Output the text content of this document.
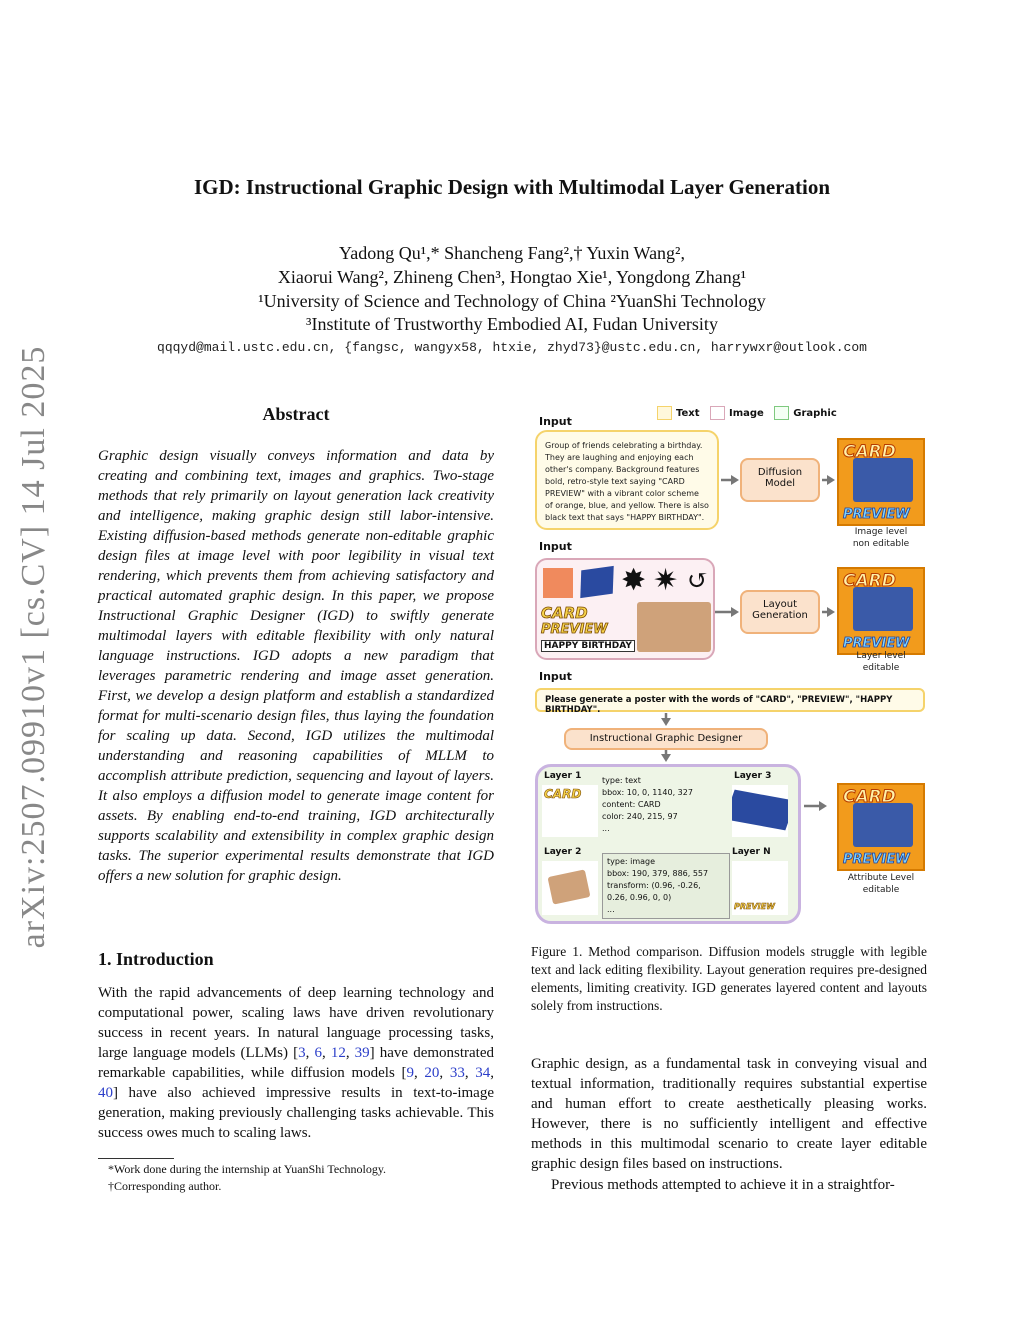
arXiv:2507.09910v1 [cs.CV] 14 Jul 2025
IGD: Instructional Graphic Design with Multimodal Layer Generation
Yadong Qu¹,* Shancheng Fang²,† Yuxin Wang²,
Xiaorui Wang², Zhineng Chen³, Hongtao Xie¹, Yongdong Zhang¹
¹University of Science and Technology of China ²YuanShi Technology
³Institute of Trustworthy Embodied AI, Fudan University
qqqyd@mail.ustc.edu.cn, {fangsc, wangyx58, htxie, zhyd73}@ustc.edu.cn, harrywxr@outlook.com
Abstract
Graphic design visually conveys information and data by creating and combining text, images and graphics. Two-stage methods that rely primarily on layout generation lack creativity and intelligence, making graphic design still labor-intensive. Existing diffusion-based methods generate non-editable graphic design files at image level with poor legibility in visual text rendering, which prevents them from achieving satisfactory and practical automated graphic design. In this paper, we propose Instructional Graphic Designer (IGD) to swiftly generate multimodal layers with editable flexibility with only natural language instructions. IGD adopts a new paradigm that leverages parametric rendering and image asset generation. First, we develop a design platform and establish a standardized format for multi-scenario design files, thus laying the foundation for scaling up data. Second, IGD utilizes the multimodal understanding and reasoning capabilities of MLLM to accomplish attribute prediction, sequencing and layout of layers. It also employs a diffusion model to generate image content for assets. By enabling end-to-end training, IGD architecturally supports scalability and extensibility in complex graphic design tasks. The superior experimental results demonstrate that IGD offers a new solution for graphic design.
1. Introduction
With the rapid advancements of deep learning technology and computational power, scaling laws have driven revolutionary success in recent years. In natural language processing tasks, large language models (LLMs) [3, 6, 12, 39] have demonstrated remarkable capabilities, while diffusion models [9, 20, 33, 34, 40] have also achieved impressive results in text-to-image generation, making previously challenging tasks achievable. This success owes much to scaling laws.
*Work done during the internship at YuanShi Technology.
†Corresponding author.
Text	Image	Graphic
Input
Group of friends celebrating a birthday. They are laughing and enjoying each other's company. Background features bold, retro-style text saying "CARD PREVIEW" with a vibrant color scheme of orange, blue, and yellow. There is also black text that says "HAPPY BIRTHDAY".
Diffusion Model
CARD
PREVIEW
Image level
non editable
Input
✸ ✷ ↺
CARD
PREVIEW
HAPPY BIRTHDAY
Layout Generation
CARD
PREVIEW
Layer level
editable
Input
Please generate a poster with the words of "CARD", "PREVIEW", "HAPPY BIRTHDAY".
Instructional Graphic Designer
Layer 1
CARD
type: text
bbox: 10, 0, 1140, 327
content: CARD
color: 240, 215, 97
...
Layer 2
type: image
bbox: 190, 379, 886, 557
transform: (0.96, -0.26,
0.26, 0.96, 0, 0)
...
Layer 3
Layer N
PREVIEW
CARD
PREVIEW
Attribute Level
editable
Figure 1. Method comparison. Diffusion models struggle with legible text and lack editing flexibility. Layout generation requires pre-designed elements, limiting creativity. IGD generates layered content and layouts solely from instructions.
Graphic design, as a fundamental task in conveying visual and textual information, traditionally requires substantial expertise and human effort to create aesthetically pleasing works. However, there is no sufficiently intelligent and effective methods in this multimodal scenario to create layer editable graphic design files based on instructions.
Previous methods attempted to achieve it in a straightfor-
